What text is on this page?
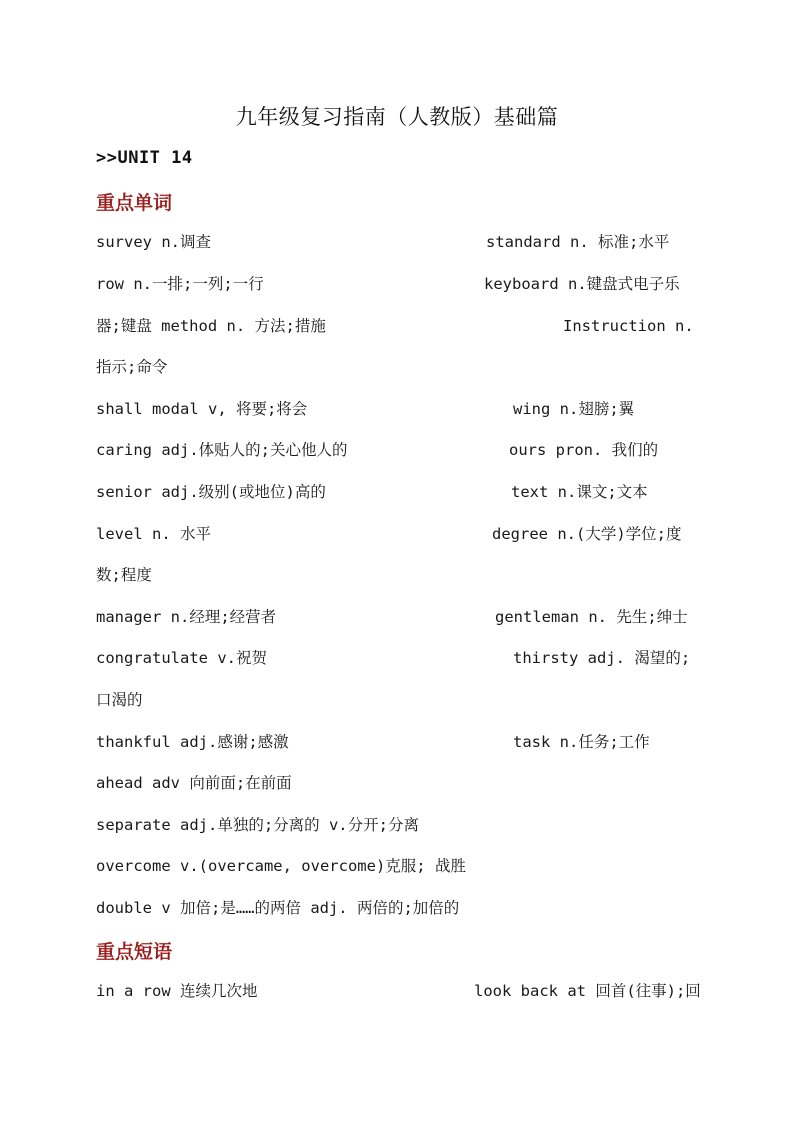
九年级复习指南（人教版）基础篇
>>UNIT 14
重点单词
survey n.调查	standard n. 标准;水平
row n.一排;一列;一行	keyboard n.键盘式电子乐
器;键盘 method n. 方法;措施	Instruction n.
指示;命令
shall modal v, 将要;将会	wing n.翅膀;翼
caring adj.体贴人的;关心他人的	ours pron. 我们的
senior adj.级别(或地位)高的	text n.课文;文本
level n. 水平	degree n.(大学)学位;度
数;程度
manager n.经理;经营者	gentleman n. 先生;绅士
congratulate v.祝贺	thirsty adj. 渴望的;
口渴的
thankful adj.感谢;感激	task n.任务;工作
ahead adv 向前面;在前面
separate adj.单独的;分离的 v.分开;分离
overcome v.(overcame, overcome)克服; 战胜
double v 加倍;是……的两倍 adj. 两倍的;加倍的
重点短语
in a row 连续几次地	look back at 回首(往事);回
